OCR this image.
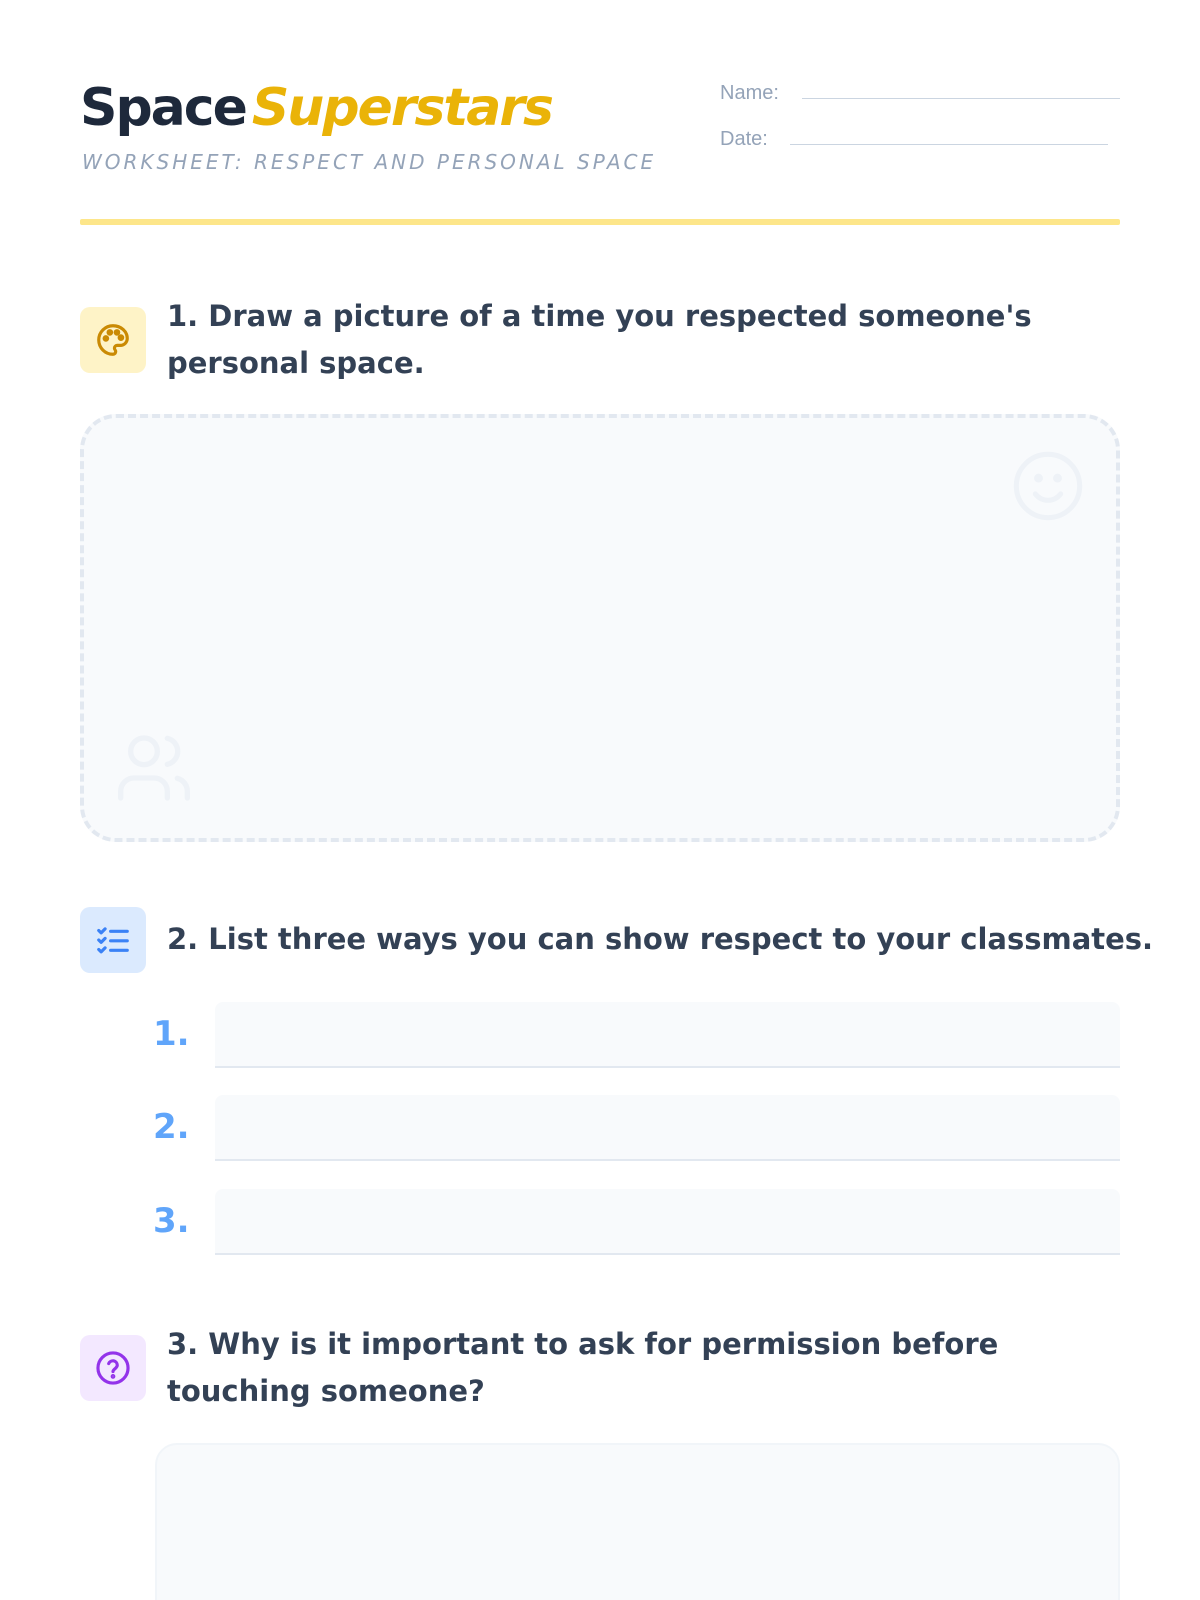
Space Superstars
WORKSHEET: RESPECT AND PERSONAL SPACE
Name:
Date:
1. Draw a picture of a time you respected someone's personal space.
2. List three ways you can show respect to your classmates.
1.
2.
3.
3. Why is it important to ask for permission before touching someone?
